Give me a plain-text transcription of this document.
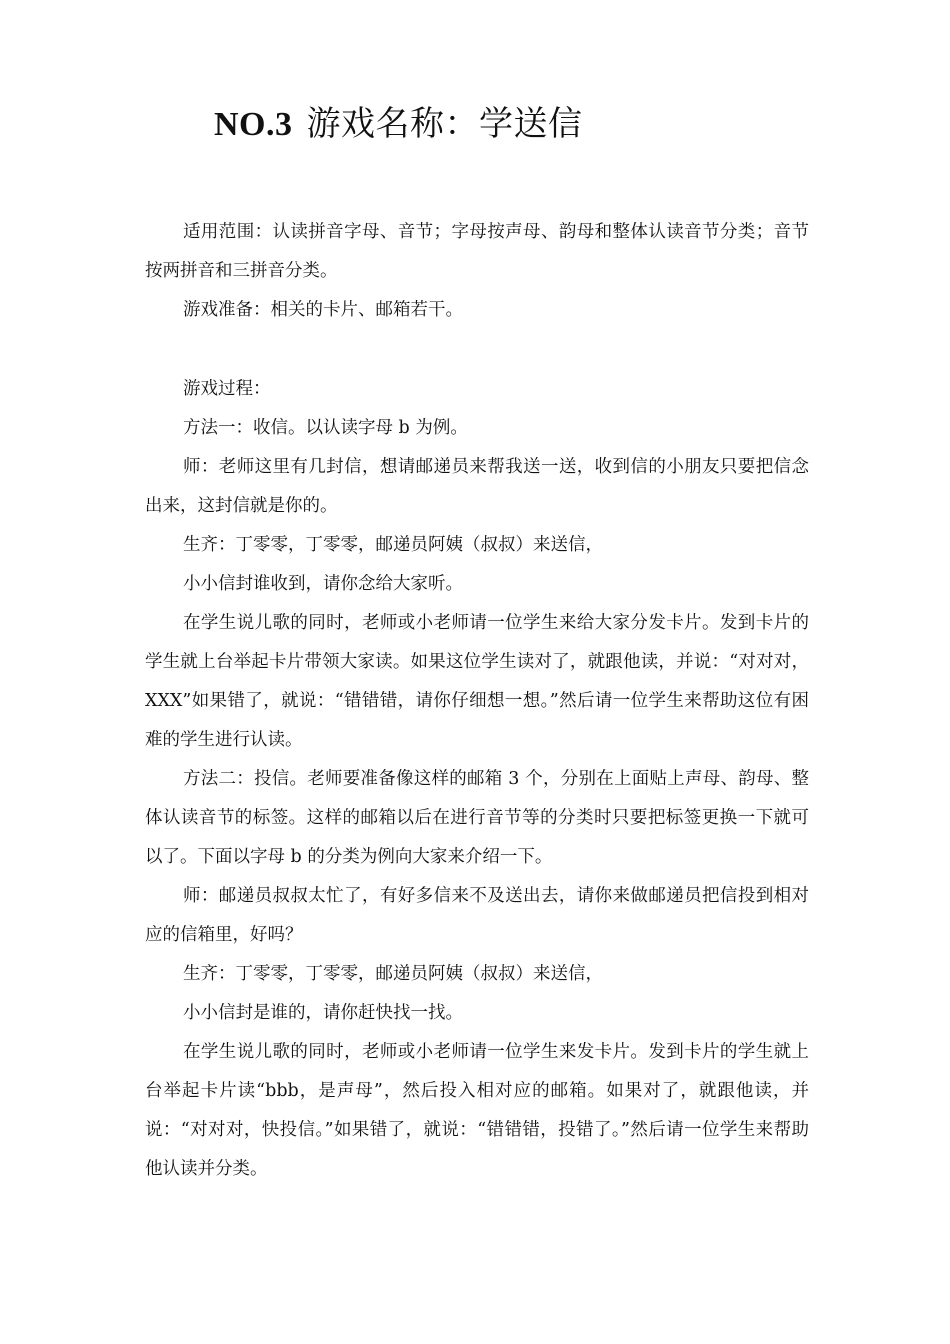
NO.3 游戏名称：学送信

适用范围：认读拼音字母、音节；字母按声母、韵母和整体认读音节分类；音节按两拼音和三拼音分类。

游戏准备：相关的卡片、邮箱若干。

游戏过程：

方法一：收信。以认读字母 b 为例。

师：老师这里有几封信，想请邮递员来帮我送一送，收到信的小朋友只要把信念出来，这封信就是你的。

生齐：丁零零，丁零零，邮递员阿姨（叔叔）来送信，

小小信封谁收到，请你念给大家听。

在学生说儿歌的同时，老师或小老师请一位学生来给大家分发卡片。发到卡片的学生就上台举起卡片带领大家读。如果这位学生读对了，就跟他读，并说：“对对对，XXX”如果错了，就说：“错错错，请你仔细想一想。”然后请一位学生来帮助这位有困难的学生进行认读。

方法二：投信。老师要准备像这样的邮箱 3 个，分别在上面贴上声母、韵母、整体认读音节的标签。这样的邮箱以后在进行音节等的分类时只要把标签更换一下就可以了。下面以字母 b 的分类为例向大家来介绍一下。

师：邮递员叔叔太忙了，有好多信来不及送出去，请你来做邮递员把信投到相对应的信箱里，好吗？

生齐：丁零零，丁零零，邮递员阿姨（叔叔）来送信，

小小信封是谁的，请你赶快找一找。

在学生说儿歌的同时，老师或小老师请一位学生来发卡片。发到卡片的学生就上台举起卡片读“bbb，是声母”，然后投入相对应的邮箱。如果对了，就跟他读，并说：“对对对，快投信。”如果错了，就说：“错错错，投错了。”然后请一位学生来帮助他认读并分类。
